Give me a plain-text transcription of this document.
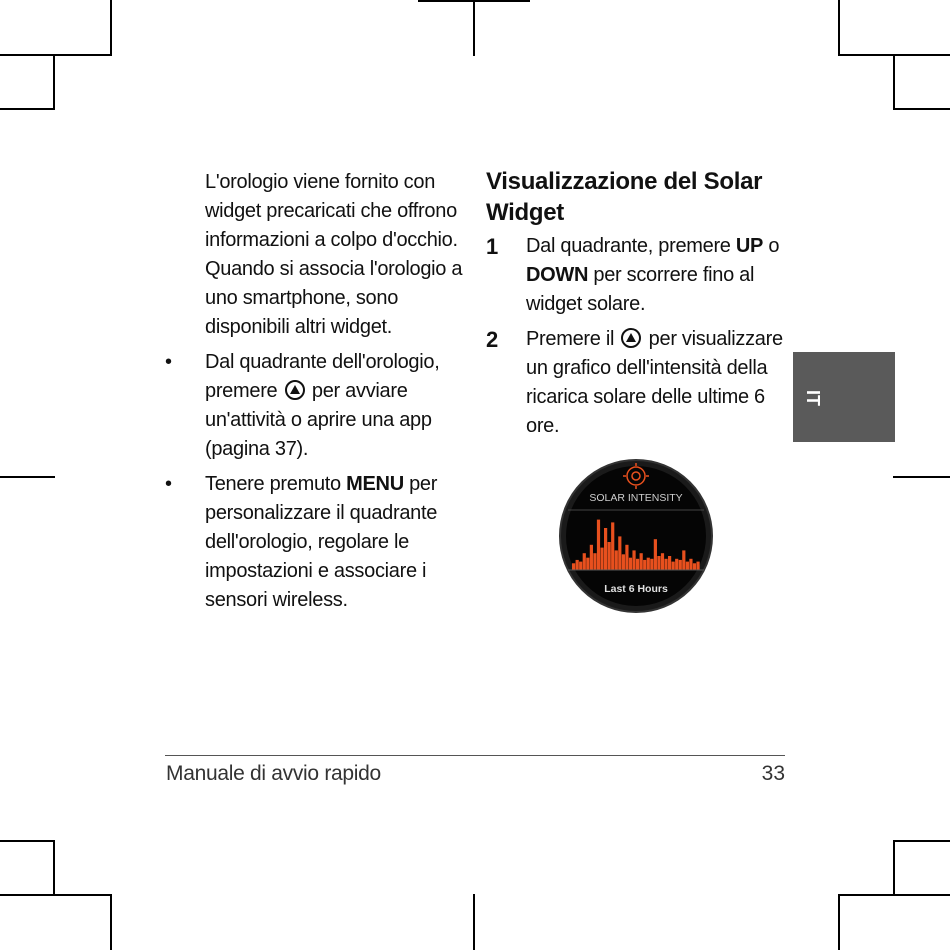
L'orologio viene fornito con widget precaricati che offrono informazioni a colpo d'occhio. Quando si associa l'orologio a uno smartphone, sono disponibili altri widget.

• Dal quadrante dell'orologio, premere per avviare un'attività o aprire una app (pagina 37).
• Tenere premuto MENU per personalizzare il quadrante dell'orologio, regolare le impostazioni e associare i sensori wireless.
Visualizzazione del Solar Widget
1 Dal quadrante, premere UP o DOWN per scorrere fino al widget solare.
2 Premere il per visualizzare un grafico dell'intensità della ricarica solare delle ultime 6 ore.
IT
SOLAR INTENSITY
Last 6 Hours
Manuale di avvio rapido	33
